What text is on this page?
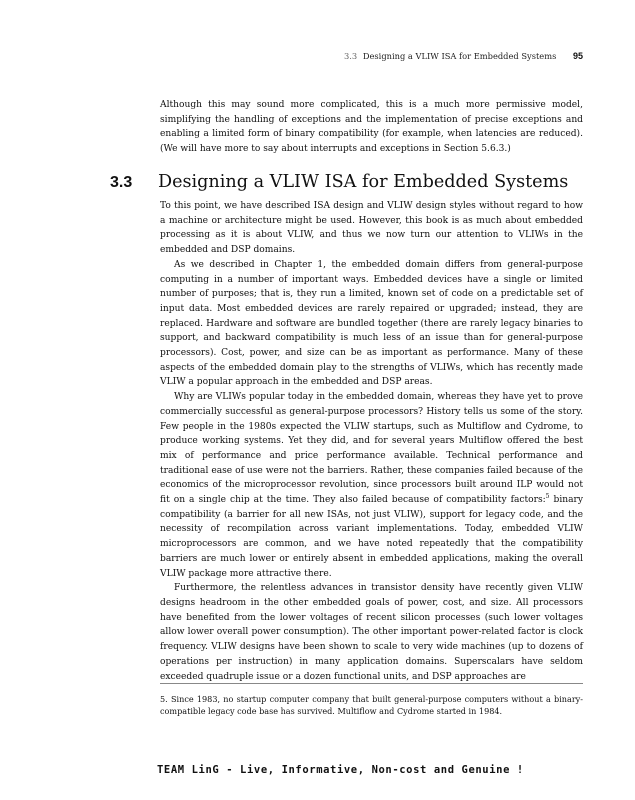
3.3 Designing a VLIW ISA for Embedded Systems 95

Although this may sound more complicated, this is a much more permissive model, simplifying the handling of exceptions and the implementation of precise exceptions and enabling a limited form of binary compatibility (for example, when latencies are reduced). (We will have more to say about interrupts and exceptions in Section 5.6.3.)

3.3 Designing a VLIW ISA for Embedded Systems

To this point, we have described ISA design and VLIW design styles without regard to how a machine or architecture might be used. However, this book is as much about embedded processing as it is about VLIW, and thus we now turn our attention to VLIWs in the embedded and DSP domains.

As we described in Chapter 1, the embedded domain differs from general-purpose computing in a number of important ways. Embedded devices have a single or limited number of purposes; that is, they run a limited, known set of code on a predictable set of input data. Most embedded devices are rarely repaired or upgraded; instead, they are replaced. Hardware and software are bundled together (there are rarely legacy binaries to support, and backward compatibility is much less of an issue than for general-purpose processors). Cost, power, and size can be as important as performance. Many of these aspects of the embedded domain play to the strengths of VLIWs, which has recently made VLIW a popular approach in the embedded and DSP areas.

Why are VLIWs popular today in the embedded domain, whereas they have yet to prove commercially successful as general-purpose processors? History tells us some of the story. Few people in the 1980s expected the VLIW startups, such as Multiflow and Cydrome, to produce working systems. Yet they did, and for several years Multiflow offered the best mix of performance and price performance available. Technical performance and traditional ease of use were not the barriers. Rather, these companies failed because of the economics of the microprocessor revolution, since processors built around ILP would not fit on a single chip at the time. They also failed because of compatibility factors:$^5$ binary compatibility (a barrier for all new ISAs, not just VLIW), support for legacy code, and the necessity of recompilation across variant implementations. Today, embedded VLIW microprocessors are common, and we have noted repeatedly that the compatibility barriers are much lower or entirely absent in embedded applications, making the overall VLIW package more attractive there.

Furthermore, the relentless advances in transistor density have recently given VLIW designs headroom in the other embedded goals of power, cost, and size. All processors have benefited from the lower voltages of recent silicon processes (such lower voltages allow lower overall power consumption). The other important power-related factor is clock frequency. VLIW designs have been shown to scale to very wide machines (up to dozens of operations per instruction) in many application domains. Superscalars have seldom exceeded quadruple issue or a dozen functional units, and DSP approaches are

5. Since 1983, no startup computer company that built general-purpose computers without a binary-compatible legacy code base has survived. Multiflow and Cydrome started in 1984.
TEAM LinG - Live, Informative, Non-cost and Genuine !
